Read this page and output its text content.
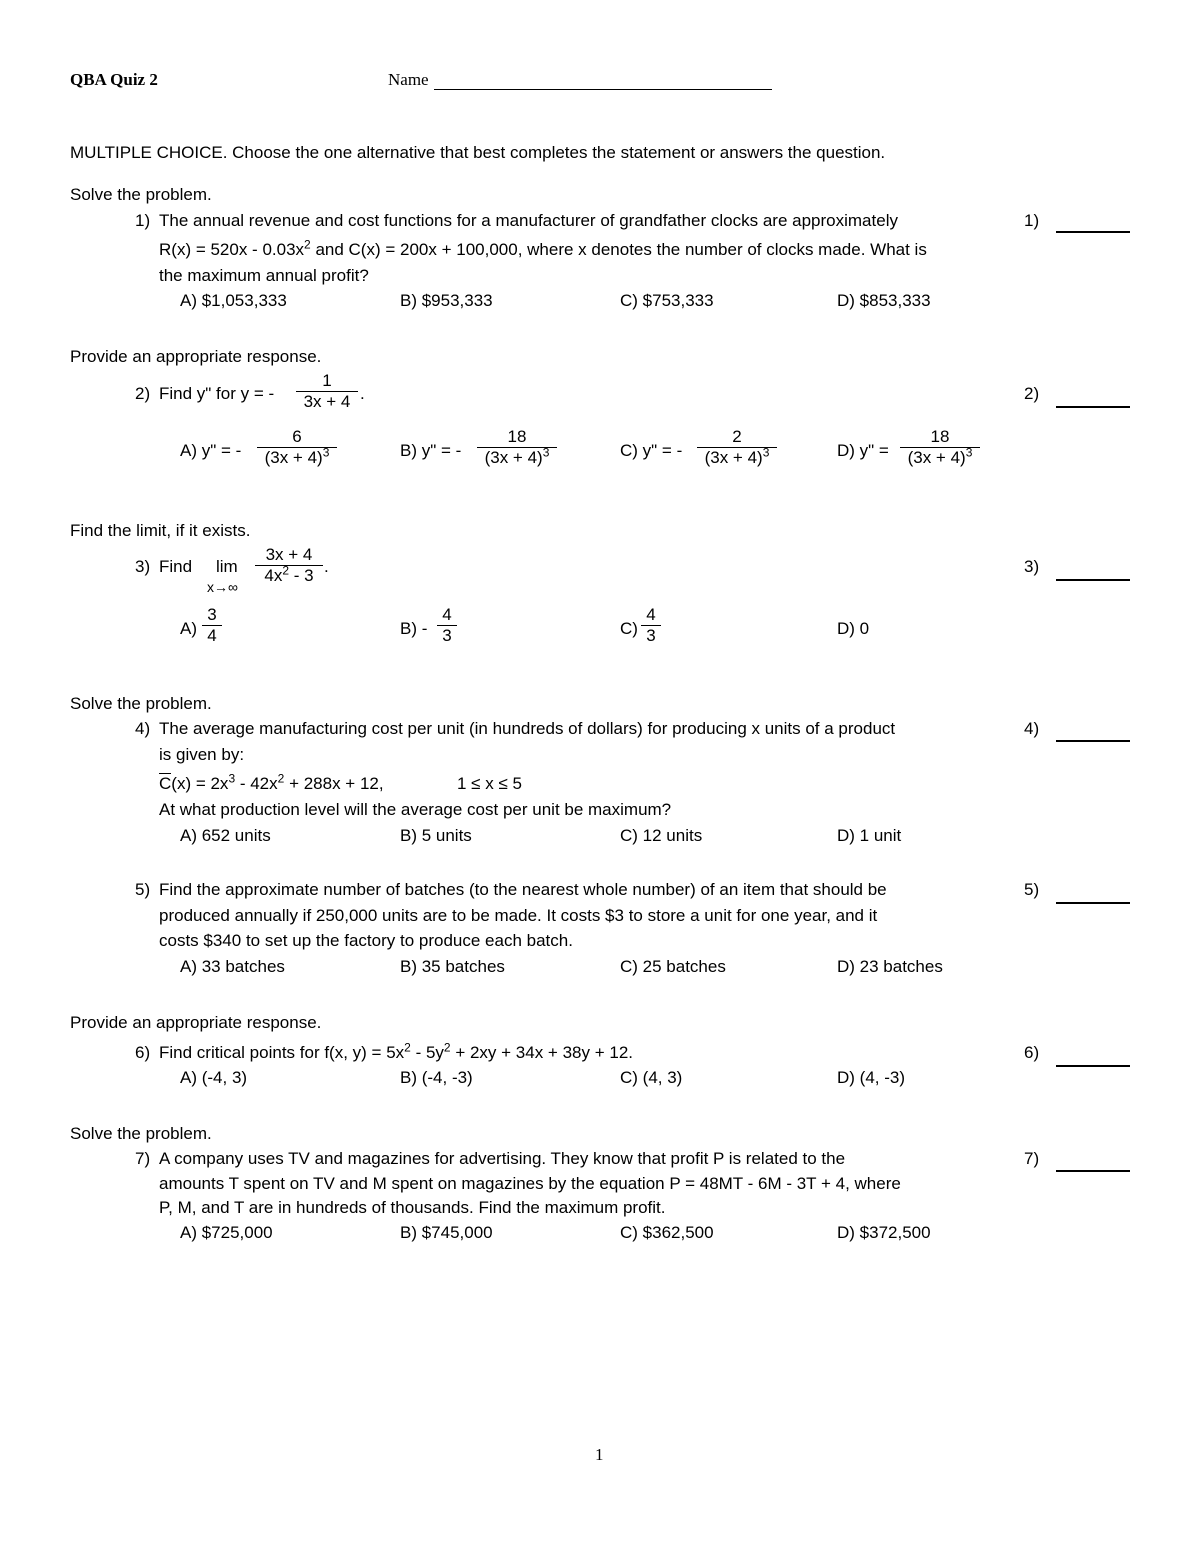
QBA Quiz 2	Name
MULTIPLE CHOICE. Choose the one alternative that best completes the statement or answers the question.
Solve the problem.
1) The annual revenue and cost functions for a manufacturer of grandfather clocks are approximately
$R(x) = 520x - 0.03x^2$ and C(x) = 200x + 100,000, where x denotes the number of clocks made. What is
the maximum annual profit?
A) $1,053,333	B) $953,333	C) $753,333	D) $853,333
1)
Provide an appropriate response.
2) Find y" for y = -
1
3x + 4 .
A) y" = -
6
$(3x + 4)^3$	B) y" = -
18
$(3x + 4)^3$	C) y" = -
2
$(3x + 4)^3$	D) y" =
18
$(3x + 4)^3$
2)
Find the limit, if it exists.
3) Find lim
x→∞
3x + 4
$4x^2 - 3$ .
A)
3
4	B) -
4
3	C)
4
3	D) 0
3)
Solve the problem.
4) The average manufacturing cost per unit (in hundreds of dollars) for producing x units of a product
is given by:
$C(x) = 2x^3 - 42x^2 + 288x + 12$,	1 ≤ x ≤ 5
At what production level will the average cost per unit be maximum?
A) 652 units	B) 5 units	C) 12 units	D) 1 unit
4)
5) Find the approximate number of batches (to the nearest whole number) of an item that should be
produced annually if 250,000 units are to be made. It costs $3 to store a unit for one year, and it
costs $340 to set up the factory to produce each batch.
A) 33 batches	B) 35 batches	C) 25 batches	D) 23 batches
5)
Provide an appropriate response.
6) Find critical points for f(x, $y) = 5x^2 - 5y^2 + 2xy + 34x + 38y + 12$.
A) (-4, 3)	B) (-4, -3)	C) (4, 3)	D) (4, -3)
6)
Solve the problem.
7) A company uses TV and magazines for advertising. They know that profit P is related to the
amounts T spent on TV and M spent on magazines by the equation P = 48MT - 6M - 3T + 4, where
P, M, and T are in hundreds of thousands. Find the maximum profit.
A) $725,000	B) $745,000	C) $362,500	D) $372,500
7)
1
